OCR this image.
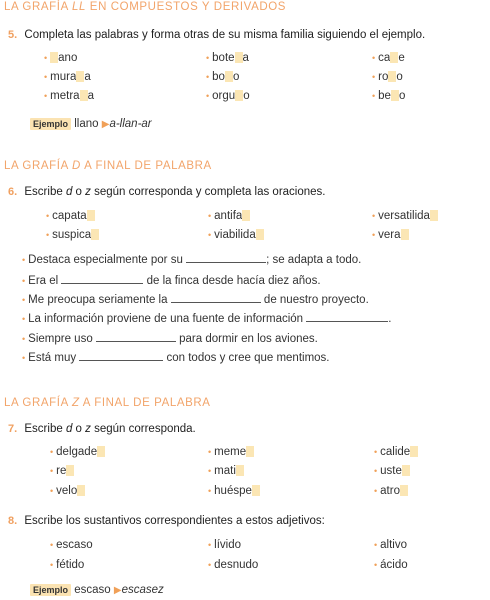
LA GRAFÍA LL EN COMPUESTOS Y DERIVADOS
5. Completa las palabras y forma otras de su misma familia siguiendo el ejemplo.
• ano	• bote a	• ca e
• mura a	• bo o	• ro o
• metra a	• orgu o	• be o
Ejemplo llano ▶a-llan-ar
LA GRAFÍA D A FINAL DE PALABRA
6. Escribe d o z según corresponda y completa las oraciones.
• capata	• antifa	• versatilida
• suspica	• viabilida	• vera
• Destaca especialmente por su	; se adapta a todo.
• Era el	de la finca desde hacía diez años.
• Me preocupa seriamente la	de nuestro proyecto.
• La información proviene de una fuente de información	.
• Siempre uso	para dormir en los aviones.
• Está muy	con todos y cree que mentimos.
LA GRAFÍA Z A FINAL DE PALABRA
7. Escribe d o z según corresponda.
• delgade	• meme	• calide
• re	• mati	• uste
• velo	• huéspe	• atro
8. Escribe los sustantivos correspondientes a estos adjetivos:
• escaso	• lívido	• altivo
• fétido	• desnudo	• ácido
Ejemplo escaso ▶escasez
